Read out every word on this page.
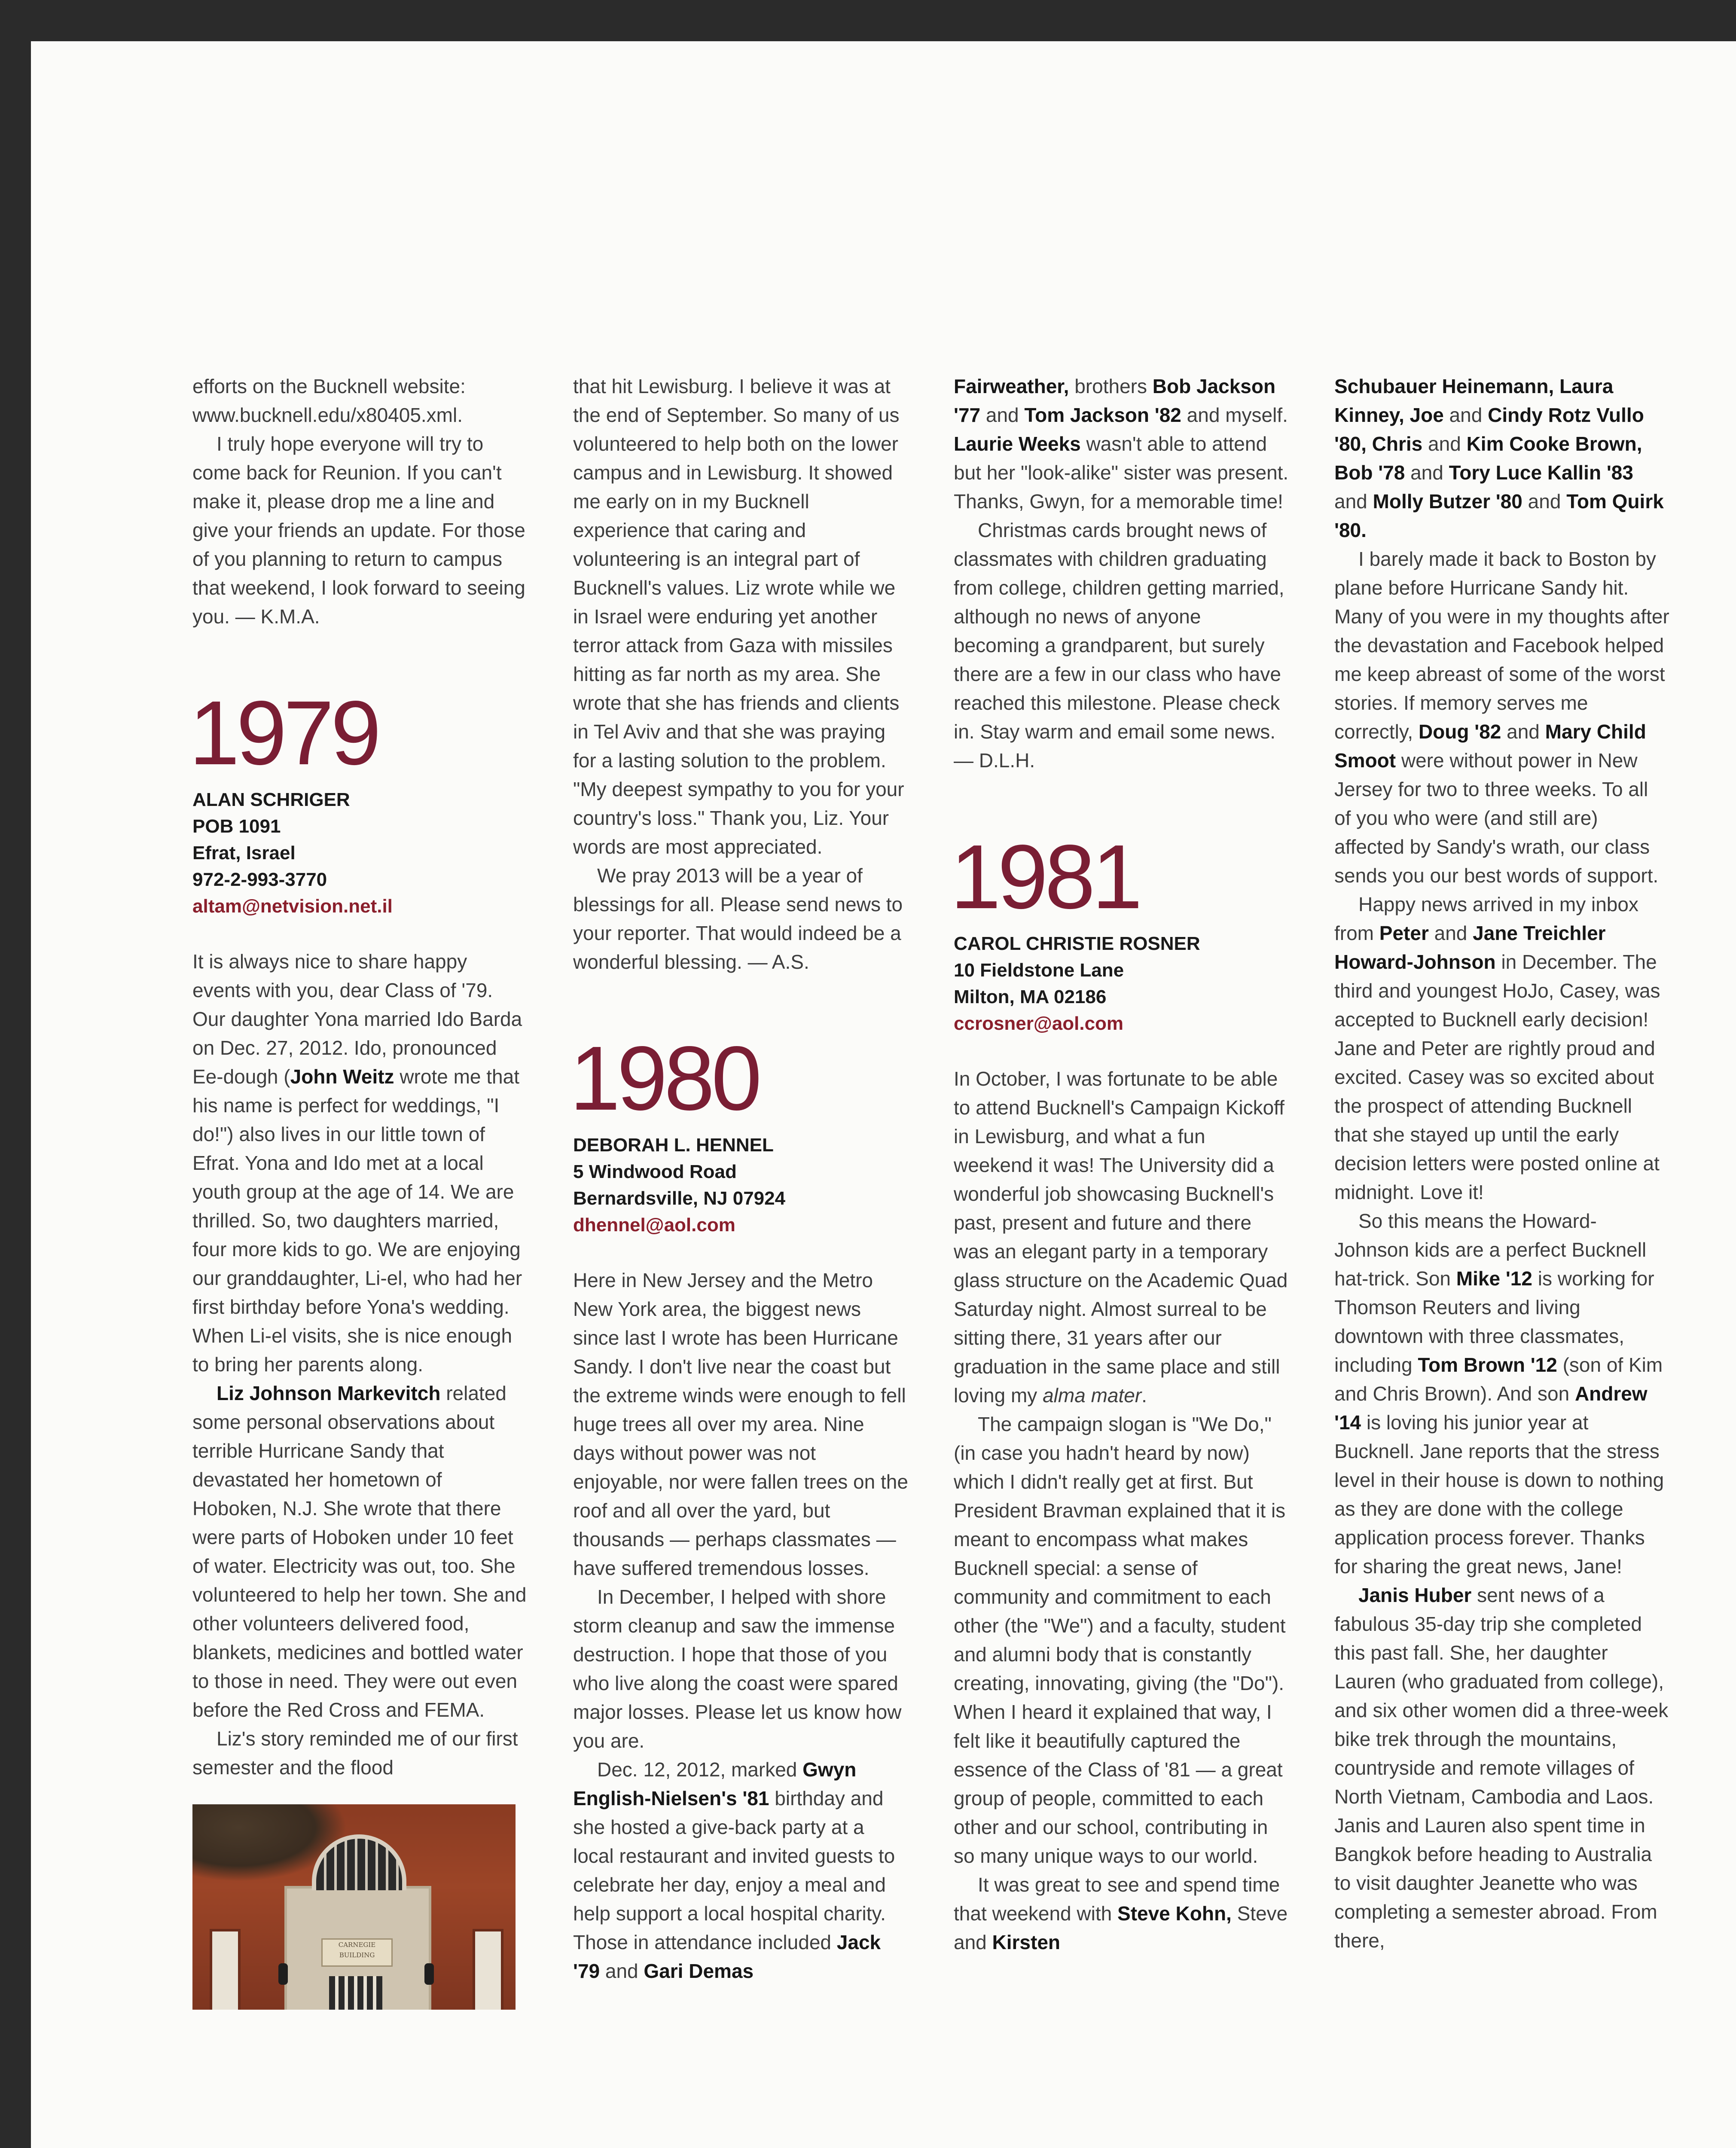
efforts on the Bucknell website: www.bucknell.edu/x80405.xml.

I truly hope everyone will try to come back for Reunion. If you can't make it, please drop me a line and give your friends an update. For those of you planning to return to campus that weekend, I look forward to seeing you. — K.M.A.

1979
ALAN SCHRIGER
POB 1091
Efrat, Israel
972-2-993-3770
altam@netvision.net.il

It is always nice to share happy events with you, dear Class of '79. Our daughter Yona married Ido Barda on Dec. 27, 2012. Ido, pronounced Ee-dough (John Weitz wrote me that his name is perfect for weddings, "I do!") also lives in our little town of Efrat. Yona and Ido met at a local youth group at the age of 14. We are thrilled. So, two daughters married, four more kids to go. We are enjoying our granddaughter, Li-el, who had her first birthday before Yona's wedding. When Li-el visits, she is nice enough to bring her parents along.

Liz Johnson Markevitch related some personal observations about terrible Hurricane Sandy that devastated her hometown of Hoboken, N.J. She wrote that there were parts of Hoboken under 10 feet of water. Electricity was out, too. She volunteered to help her town. She and other volunteers delivered food, blankets, medicines and bottled water to those in need. They were out even before the Red Cross and FEMA.

Liz's story reminded me of our first semester and the flood

CARNEGIE BUILDING

that hit Lewisburg. I believe it was at the end of September. So many of us volunteered to help both on the lower campus and in Lewisburg. It showed me early on in my Bucknell experience that caring and volunteering is an integral part of Bucknell's values. Liz wrote while we in Israel were enduring yet another terror attack from Gaza with missiles hitting as far north as my area. She wrote that she has friends and clients in Tel Aviv and that she was praying for a lasting solution to the problem. "My deepest sympathy to you for your country's loss." Thank you, Liz. Your words are most appreciated.

We pray 2013 will be a year of blessings for all. Please send news to your reporter. That would indeed be a wonderful blessing. — A.S.

1980
DEBORAH L. HENNEL
5 Windwood Road
Bernardsville, NJ 07924
dhennel@aol.com

Here in New Jersey and the Metro New York area, the biggest news since last I wrote has been Hurricane Sandy. I don't live near the coast but the extreme winds were enough to fell huge trees all over my area. Nine days without power was not enjoyable, nor were fallen trees on the roof and all over the yard, but thousands — perhaps classmates — have suffered tremendous losses.

In December, I helped with shore storm cleanup and saw the immense destruction. I hope that those of you who live along the coast were spared major losses. Please let us know how you are.

Dec. 12, 2012, marked Gwyn English-Nielsen's '81 birthday and she hosted a give-back party at a local restaurant and invited guests to celebrate her day, enjoy a meal and help support a local hospital charity. Those in attendance included Jack '79 and Gari Demas

Fairweather, brothers Bob Jackson '77 and Tom Jackson '82 and myself. Laurie Weeks wasn't able to attend but her "look-alike" sister was present. Thanks, Gwyn, for a memorable time!

Christmas cards brought news of classmates with children graduating from college, children getting married, although no news of anyone becoming a grandparent, but surely there are a few in our class who have reached this milestone. Please check in. Stay warm and email some news. — D.L.H.

1981
CAROL CHRISTIE ROSNER
10 Fieldstone Lane
Milton, MA 02186
ccrosner@aol.com

In October, I was fortunate to be able to attend Bucknell's Campaign Kickoff in Lewisburg, and what a fun weekend it was! The University did a wonderful job showcasing Bucknell's past, present and future and there was an elegant party in a temporary glass structure on the Academic Quad Saturday night. Almost surreal to be sitting there, 31 years after our graduation in the same place and still loving my alma mater.

The campaign slogan is "We Do," (in case you hadn't heard by now) which I didn't really get at first. But President Bravman explained that it is meant to encompass what makes Bucknell special: a sense of community and commitment to each other (the "We") and a faculty, student and alumni body that is constantly creating, innovating, giving (the "Do"). When I heard it explained that way, I felt like it beautifully captured the essence of the Class of '81 — a great group of people, committed to each other and our school, contributing in so many unique ways to our world.

It was great to see and spend time that weekend with Steve Kohn, Steve and Kirsten

Schubauer Heinemann, Laura Kinney, Joe and Cindy Rotz Vullo '80, Chris and Kim Cooke Brown, Bob '78 and Tory Luce Kallin '83 and Molly Butzer '80 and Tom Quirk '80.

I barely made it back to Boston by plane before Hurricane Sandy hit. Many of you were in my thoughts after the devastation and Facebook helped me keep abreast of some of the worst stories. If memory serves me correctly, Doug '82 and Mary Child Smoot were without power in New Jersey for two to three weeks. To all of you who were (and still are) affected by Sandy's wrath, our class sends you our best words of support.

Happy news arrived in my inbox from Peter and Jane Treichler Howard-Johnson in December. The third and youngest HoJo, Casey, was accepted to Bucknell early decision! Jane and Peter are rightly proud and excited. Casey was so excited about the prospect of attending Bucknell that she stayed up until the early decision letters were posted online at midnight. Love it!

So this means the Howard-Johnson kids are a perfect Bucknell hat-trick. Son Mike '12 is working for Thomson Reuters and living downtown with three classmates, including Tom Brown '12 (son of Kim and Chris Brown). And son Andrew '14 is loving his junior year at Bucknell. Jane reports that the stress level in their house is down to nothing as they are done with the college application process forever. Thanks for sharing the great news, Jane!

Janis Huber sent news of a fabulous 35-day trip she completed this past fall. She, her daughter Lauren (who graduated from college), and six other women did a three-week bike trek through the mountains, countryside and remote villages of North Vietnam, Cambodia and Laos. Janis and Lauren also spent time in Bangkok before heading to Australia to visit daughter Jeanette who was completing a semester abroad. From there,
